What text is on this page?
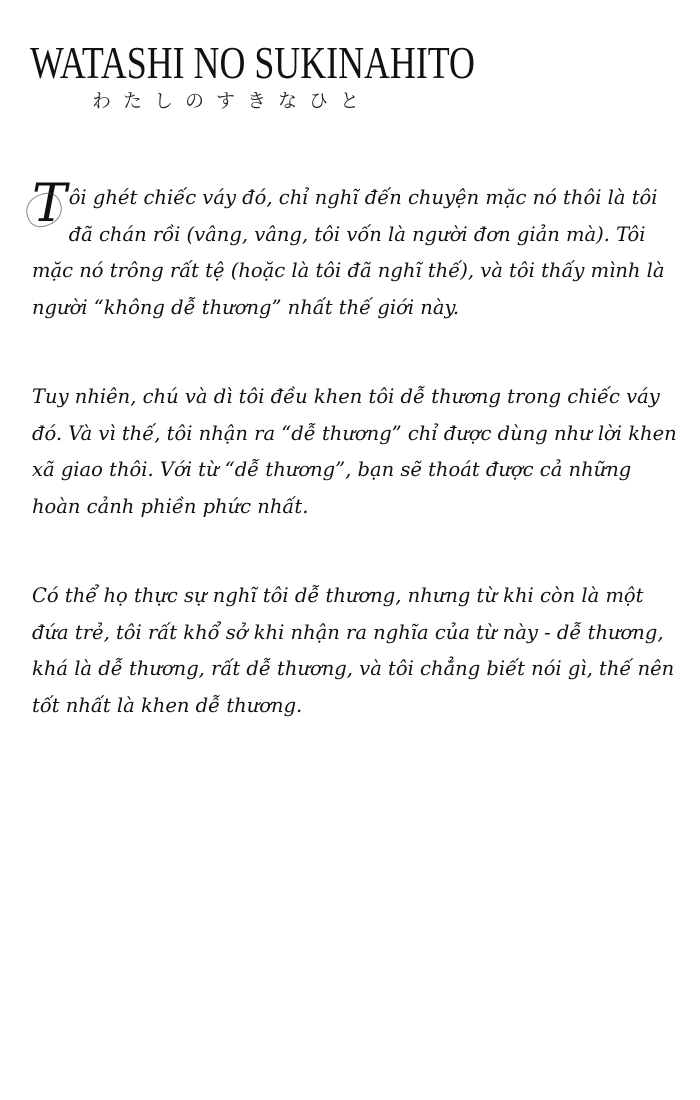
WATASHI NO SUKINAHITO
わたしのすきなひと

Tôi ghét chiếc váy đó, chỉ nghĩ đến chuyện mặc nó thôi là tôi đã chán rồi (vâng, vâng, tôi vốn là người đơn giản mà). Tôi mặc nó trông rất tệ (hoặc là tôi đã nghĩ thế), và tôi thấy mình là người “không dễ thương” nhất thế giới này.

Tuy nhiên, chú và dì tôi đều khen tôi dễ thương trong chiếc váy đó. Và vì thế, tôi nhận ra “dễ thương” chỉ được dùng như lời khen xã giao thôi. Với từ “dễ thương”, bạn sẽ thoát được cả những hoàn cảnh phiền phức nhất.

Có thể họ thực sự nghĩ tôi dễ thương, nhưng từ khi còn là một đứa trẻ, tôi rất khổ sở khi nhận ra nghĩa của từ này - dễ thương, khá là dễ thương, rất dễ thương, và tôi chẳng biết nói gì, thế nên tốt nhất là khen dễ thương.
